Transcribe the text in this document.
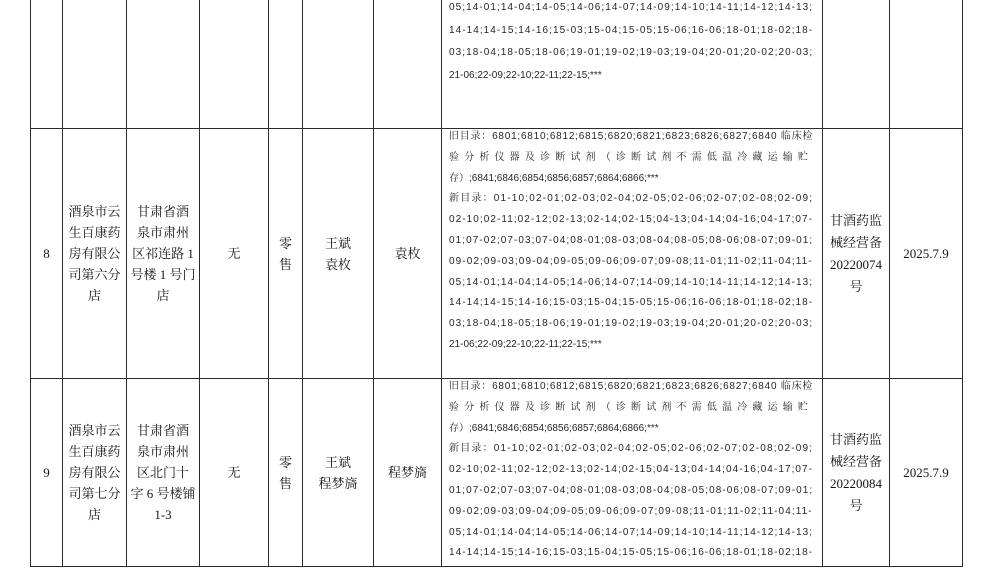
05;14-01;14-04;14-05;14-06;14-07;14-09;14-10;14-11;14-12;14-13;
14-14;14-15;14-16;15-03;15-04;15-05;15-06;16-06;18-01;18-02;18-
03;18-04;18-05;18-06;19-01;19-02;19-03;19-04;20-01;20-02;20-03;
21-06;22-09;22-10;22-11;22-15;***
8
酒泉市云
生百康药
房有限公
司第六分
店
甘肃省酒
泉市肃州
区祁连路 1
号楼 1 号门
店
无
零
售
王斌
袁枚
袁枚
旧目录：6801;6810;6812;6815;6820;6821;6823;6826;6827;6840 临床检
验分析仪器及诊断试剂（诊断试剂不需低温冷藏运输贮
存）;6841;6846;6854;6856;6857;6864;6866;***
新目录：01-10;02-01;02-03;02-04;02-05;02-06;02-07;02-08;02-09;
02-10;02-11;02-12;02-13;02-14;02-15;04-13;04-14;04-16;04-17;07-
01;07-02;07-03;07-04;08-01;08-03;08-04;08-05;08-06;08-07;09-01;
09-02;09-03;09-04;09-05;09-06;09-07;09-08;11-01;11-02;11-04;11-
05;14-01;14-04;14-05;14-06;14-07;14-09;14-10;14-11;14-12;14-13;
14-14;14-15;14-16;15-03;15-04;15-05;15-06;16-06;18-01;18-02;18-
03;18-04;18-05;18-06;19-01;19-02;19-03;19-04;20-01;20-02;20-03;
21-06;22-09;22-10;22-11;22-15;***
甘酒药监
械经营备
20220074
号
2025.7.9
9
酒泉市云
生百康药
房有限公
司第七分
店
甘肃省酒
泉市肃州
区北门十
字 6 号楼铺
1-3
无
零
售
王斌
程梦旖
程梦旖
旧目录：6801;6810;6812;6815;6820;6821;6823;6826;6827;6840 临床检
验分析仪器及诊断试剂（诊断试剂不需低温冷藏运输贮
存）;6841;6846;6854;6856;6857;6864;6866;***
新目录：01-10;02-01;02-03;02-04;02-05;02-06;02-07;02-08;02-09;
02-10;02-11;02-12;02-13;02-14;02-15;04-13;04-14;04-16;04-17;07-
01;07-02;07-03;07-04;08-01;08-03;08-04;08-05;08-06;08-07;09-01;
09-02;09-03;09-04;09-05;09-06;09-07;09-08;11-01;11-02;11-04;11-
05;14-01;14-04;14-05;14-06;14-07;14-09;14-10;14-11;14-12;14-13;
14-14;14-15;14-16;15-03;15-04;15-05;15-06;16-06;18-01;18-02;18-
甘酒药监
械经营备
20220084
号
2025.7.9
